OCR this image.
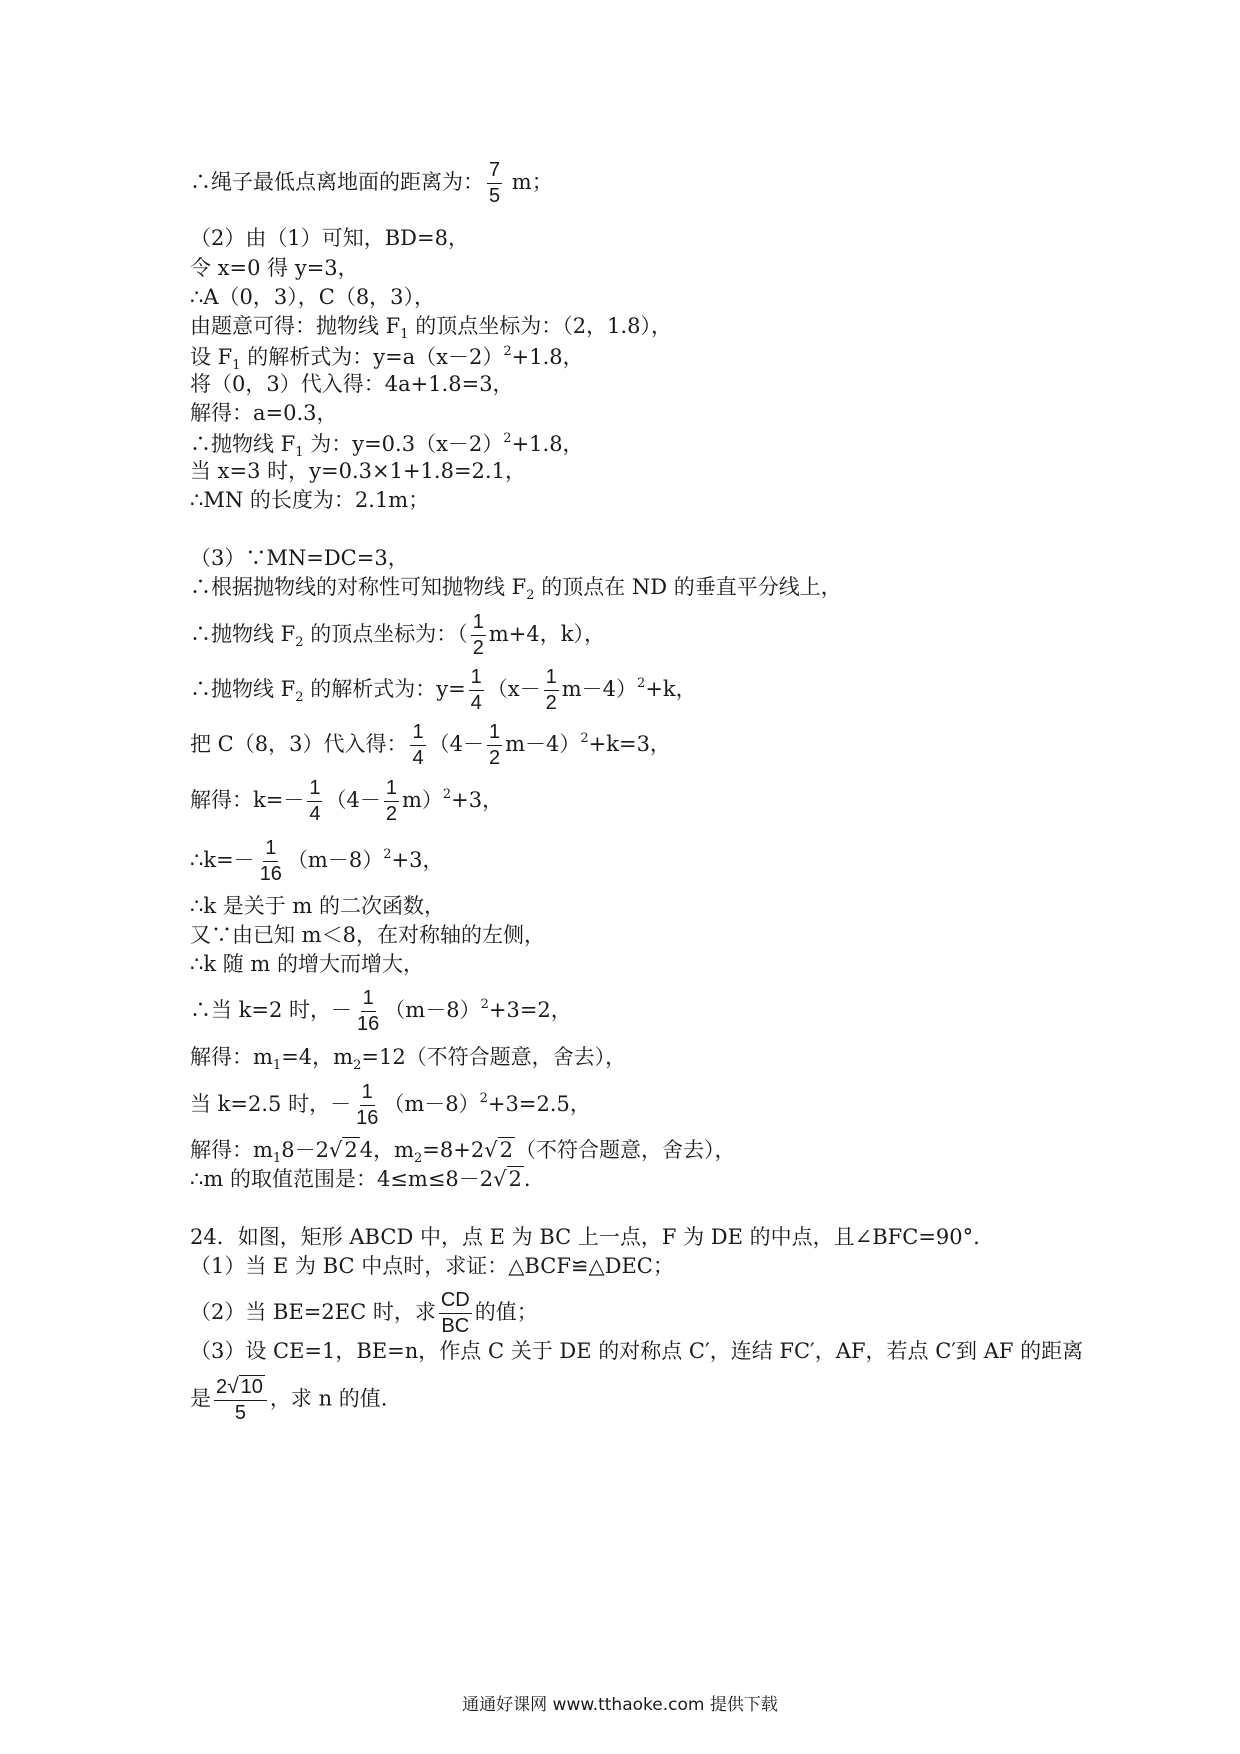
∴绳子最低点离地面的距离为： $\frac{7}{5}$ m；
（2）由（1）可知，BD=8，
令 x=0 得 y=3，
∴A（0，3），C（8，3），
由题意可得：抛物线 $F_1$ 的顶点坐标为：（2，1.8），
设 $F_1$ 的解析式为：$y=a(x-2)^2+1.8$，
将（0，3）代入得：4a+1.8=3，
解得：a=0.3，
∴抛物线 $F_1$ 为：$y=0.3(x-2)^2+1.8$，
当 x=3 时，y=0.3×1+1.8=2.1，
∴MN 的长度为：2.1m；
（3）∵MN=DC=3，
∴根据抛物线的对称性可知抛物线 $F_2$ 的顶点在 ND 的垂直平分线上，
∴抛物线 $F_2$ 的顶点坐标为：（ $\frac{1}{2} m+4$，k），
∴抛物线 $F_2$ 的解析式为：$y= \frac{1}{4} (x- \frac{1}{2} m-4)^2+k$，
把 C（8，3）代入得： $\frac{1}{4} (4- \frac{1}{2} m-4)^2+k=3$，
解得：$k=- \frac{1}{4} (4- \frac{1}{2} m)^2+3$，
∴k=－ $\frac{1}{16} (m-8)^2+3$，
∴k 是关于 m 的二次函数，
又∵由已知 m＜8，在对称轴的左侧，
∴k 随 m 的增大而增大，
∴当 k=2 时，－ $\frac{1}{16} (m-8)^2+3=2$，
解得：$m_1=4$，$m_2=12$（不符合题意，舍去），
当 k=2.5 时，－ $\frac{1}{16} (m-8)^2+3=2.5$，
解得：$m_18-2√24$，$m_2=8+2√2$（不符合题意，舍去），
∴m 的取值范围是：4≤m≤8－2√2.
24．如图，矩形 ABCD 中，点 E 为 BC 上一点，F 为 DE 的中点，且∠BFC=90°.
（1）当 E 为 BC 中点时，求证：△BCF≌△DEC；
（2）当 BE=2EC 时，求 $\frac{CD}{BC}$ 的值；
（3）设 CE=1，BE=n，作点 C 关于 DE 的对称点 C′，连结 FC′，AF，若点 C′到 AF 的距离
是 $\frac{2√ 10}{5}$ ，求 n 的值.
通通好课网 www.tthaoke.com 提供下载
